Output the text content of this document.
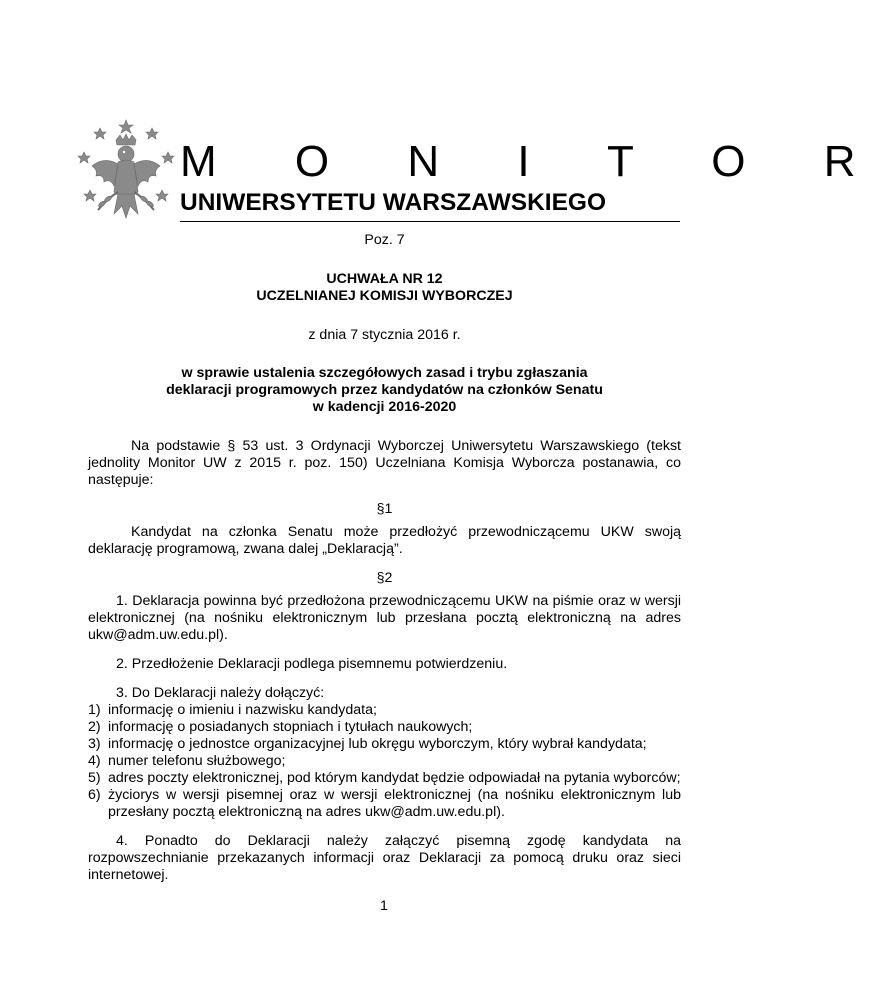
M O N I T O R
UNIWERSYTETU WARSZAWSKIEGO

Poz. 7

UCHWAŁA NR 12

UCZELNIANEJ KOMISJI WYBORCZEJ

z dnia 7 stycznia 2016 r.

w sprawie ustalenia szczegółowych zasad i trybu zgłaszania

deklaracji programowych przez kandydatów na członków Senatu

w kadencji 2016-2020

Na podstawie § 53 ust. 3 Ordynacji Wyborczej Uniwersytetu Warszawskiego (tekst jednolity Monitor UW z 2015 r. poz. 150) Uczelniana Komisja Wyborcza postanawia, co następuje:

§1

Kandydat na członka Senatu może przedłożyć przewodniczącemu UKW swoją deklarację programową, zwana dalej „Deklaracją”.

§2

1. Deklaracja powinna być przedłożona przewodniczącemu UKW na piśmie oraz w wersji elektronicznej (na nośniku elektronicznym lub przesłana pocztą elektroniczną na adres ukw@adm.uw.edu.pl).

2. Przedłożenie Deklaracji podlega pisemnemu potwierdzeniu.

3. Do Deklaracji należy dołączyć:

1) informację o imieniu i nazwisku kandydata;
2) informację o posiadanych stopniach i tytułach naukowych;
3) informację o jednostce organizacyjnej lub okręgu wyborczym, który wybrał kandydata;
4) numer telefonu służbowego;
5) adres poczty elektronicznej, pod którym kandydat będzie odpowiadał na pytania wyborców;
6) życiorys w wersji pisemnej oraz w wersji elektronicznej (na nośniku elektronicznym lub przesłany pocztą elektroniczną na adres ukw@adm.uw.edu.pl).

4. Ponadto do Deklaracji należy załączyć pisemną zgodę kandydata na rozpowszechnianie przekazanych informacji oraz Deklaracji za pomocą druku oraz sieci internetowej.

1
